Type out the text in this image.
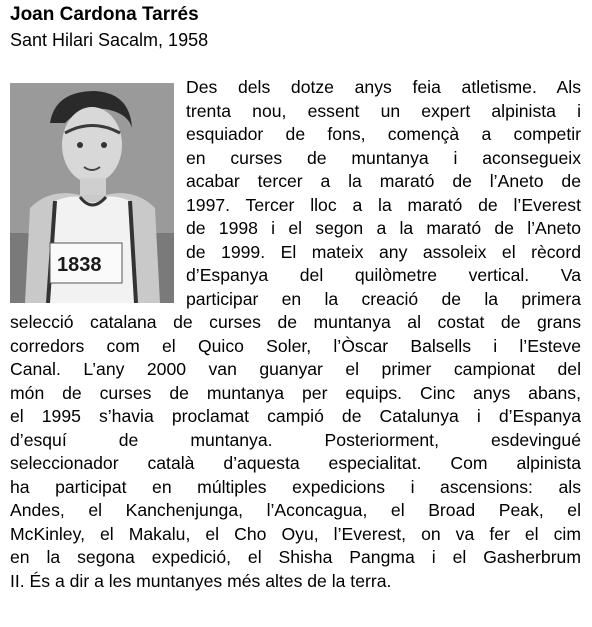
Joan Cardona Tarrés
Sant Hilari Sacalm, 1958
1838
Des dels dotze anys feia atletisme. Als
trenta nou, essent un expert alpinista i
esquiador de fons, començà a competir
en curses de muntanya i aconsegueix
acabar tercer a la marató de l’Aneto de
1997. Tercer lloc a la marató de l’Everest
de 1998 i el segon a la marató de l’Aneto
de 1999. El mateix any assoleix el rècord
d’Espanya del quilòmetre vertical. Va
participar en la creació de la primera
selecció catalana de curses de muntanya al costat de grans
corredors com el Quico Soler, l’Òscar Balsells i l’Esteve
Canal. L’any 2000 van guanyar el primer campionat del
món de curses de muntanya per equips. Cinc anys abans,
el 1995 s’havia proclamat campió de Catalunya i d’Espanya
d’esquí de muntanya. Posteriorment, esdevingué
seleccionador català d’aquesta especialitat. Com alpinista
ha participat en múltiples expedicions i ascensions: als
Andes, el Kanchenjunga, l’Aconcagua, el Broad Peak, el
McKinley, el Makalu, el Cho Oyu, l’Everest, on va fer el cim
en la segona expedició, el Shisha Pangma i el Gasherbrum
II. És a dir a les muntanyes més altes de la terra.
